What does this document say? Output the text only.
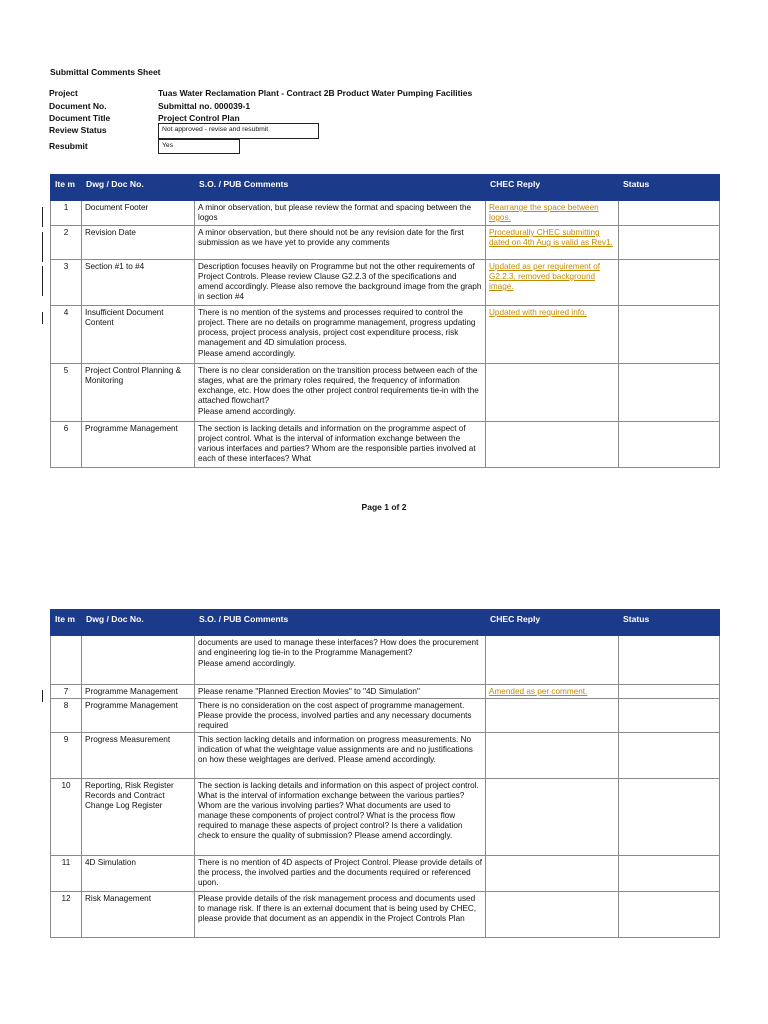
Submittal Comments Sheet
Project	Tuas Water Reclamation Plant - Contract 2B Product Water Pumping Facilities
Document No.	Submittal no. 000039-1
Document Title	Project Control Plan
Review Status	Not approved - revise and resubmit
Resubmit	Yes
Ite m	Dwg / Doc No.	S.O. / PUB Comments	CHEC Reply	Status
1	Document Footer	A minor observation, but please review the format and spacing between the logos	Rearrange the space between logos.	
2	Revision Date	A minor observation, but there should not be any revision date for the first submission as we have yet to provide any comments	Procedurally CHEC submitting dated on 4th Aug is valid as Rev1.	
3	Section #1 to #4	Description focuses heavily on Programme but not the other requirements of Project Controls. Please review Clause G2.2.3 of the specifications and amend accordingly. Please also remove the background image from the graph in section #4	Updated as per requirement of G2.2.3, removed background image.	
4	Insufficient Document Content	There is no mention of the systems and processes required to control the project. There are no details on programme management, progress updating process, project process analysis, project cost expenditure process, risk management and 4D simulation process.
Please amend accordingly.	Updated with required info.	
5	Project Control Planning & Monitoring	There is no clear consideration on the transition process between each of the stages, what are the primary roles required, the frequency of information exchange, etc. How does the other project control requirements tie-in with the attached flowchart?
Please amend accordingly.		

6	Programme Management	The section is lacking details and information on the programme aspect of project control. What is the interval of information exchange between the various interfaces and parties? Whom are the responsible parties involved at each of these interfaces? What		
Page 1 of 2
Ite m	Dwg / Doc No.	S.O. / PUB Comments	CHEC Reply	Status
		documents are used to manage these interfaces? How does the procurement and engineering log tie-in to the Programme Management?
Please amend accordingly.		

7	Programme Management	Please rename "Planned Erection Movies" to "4D Simulation"	Amended as per comment.	
8	Programme Management	There is no consideration on the cost aspect of programme management. Please provide the process, involved parties and any necessary documents required		
9	Progress Measurement	This section lacking details and information on progress measurements. No indication of what the weightage value assignments are and no justifications on how these weightages are derived. Please amend accordingly.		
10	Reporting, Risk Register Records and Contract Change Log Register	The section is lacking details and information on this aspect of project control. What is the interval of information exchange between the various parties? Whom are the various involving parties? What documents are used to manage these components of project control? What is the process flow required to manage these aspects of project control? Is there a validation check to ensure the quality of submission? Please amend accordingly.		
11	4D Simulation	There is no mention of 4D aspects of Project Control. Please provide details of the process, the involved parties and the documents required or referenced upon.		
12	Risk Management	Please provide details of the risk management process and documents used to manage risk. If there is an external document that is being used by CHEC, please provide that document as an appendix in the Project Controls Plan		
